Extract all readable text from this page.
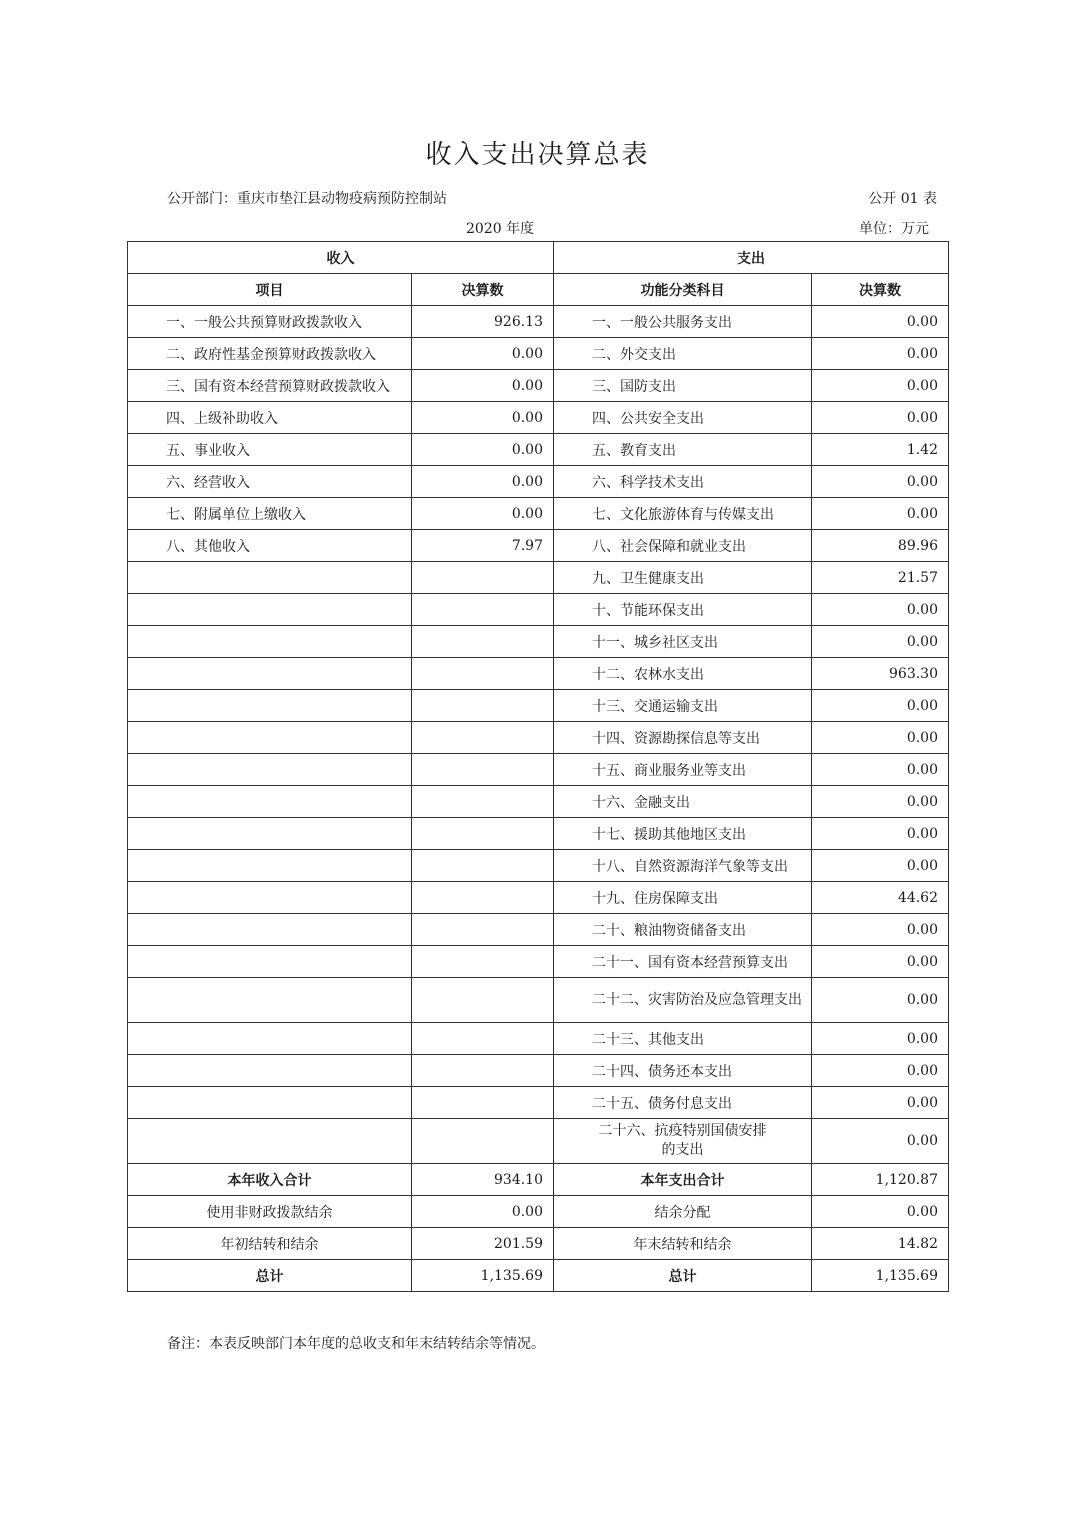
收入支出决算总表
公开部门：重庆市垫江县动物疫病预防控制站	公开 01 表
2020 年度	单位：万元
收入		支出	
项目	决算数	功能分类科目	决算数
一、一般公共预算财政拨款收入	926.13	一、一般公共服务支出	0.00
二、政府性基金预算财政拨款收入	0.00	二、外交支出	0.00
三、国有资本经营预算财政拨款收入	0.00	三、国防支出	0.00
四、上级补助收入	0.00	四、公共安全支出	0.00
五、事业收入	0.00	五、教育支出	1.42
六、经营收入	0.00	六、科学技术支出	0.00
七、附属单位上缴收入	0.00	七、文化旅游体育与传媒支出	0.00
八、其他收入	7.97	八、社会保障和就业支出	89.96
		九、卫生健康支出	21.57
		十、节能环保支出	0.00
		十一、城乡社区支出	0.00
		十二、农林水支出	963.30
		十三、交通运输支出	0.00
		十四、资源勘探信息等支出	0.00
		十五、商业服务业等支出	0.00
		十六、金融支出	0.00
		十七、援助其他地区支出	0.00
		十八、自然资源海洋气象等支出	0.00
		十九、住房保障支出	44.62
		二十、粮油物资储备支出	0.00
		二十一、国有资本经营预算支出	0.00
		二十二、灾害防治及应急管理支出	0.00
		二十三、其他支出	0.00
		二十四、债务还本支出	0.00
		二十五、债务付息支出	0.00
		二十六、抗疫特别国债安排的支出	0.00
本年收入合计	934.10	本年支出合计	1,120.87
使用非财政拨款结余	0.00	结余分配	0.00
年初结转和结余	201.59	年末结转和结余	14.82
总计	1,135.69	总计	1,135.69
备注：本表反映部门本年度的总收支和年末结转结余等情况。
